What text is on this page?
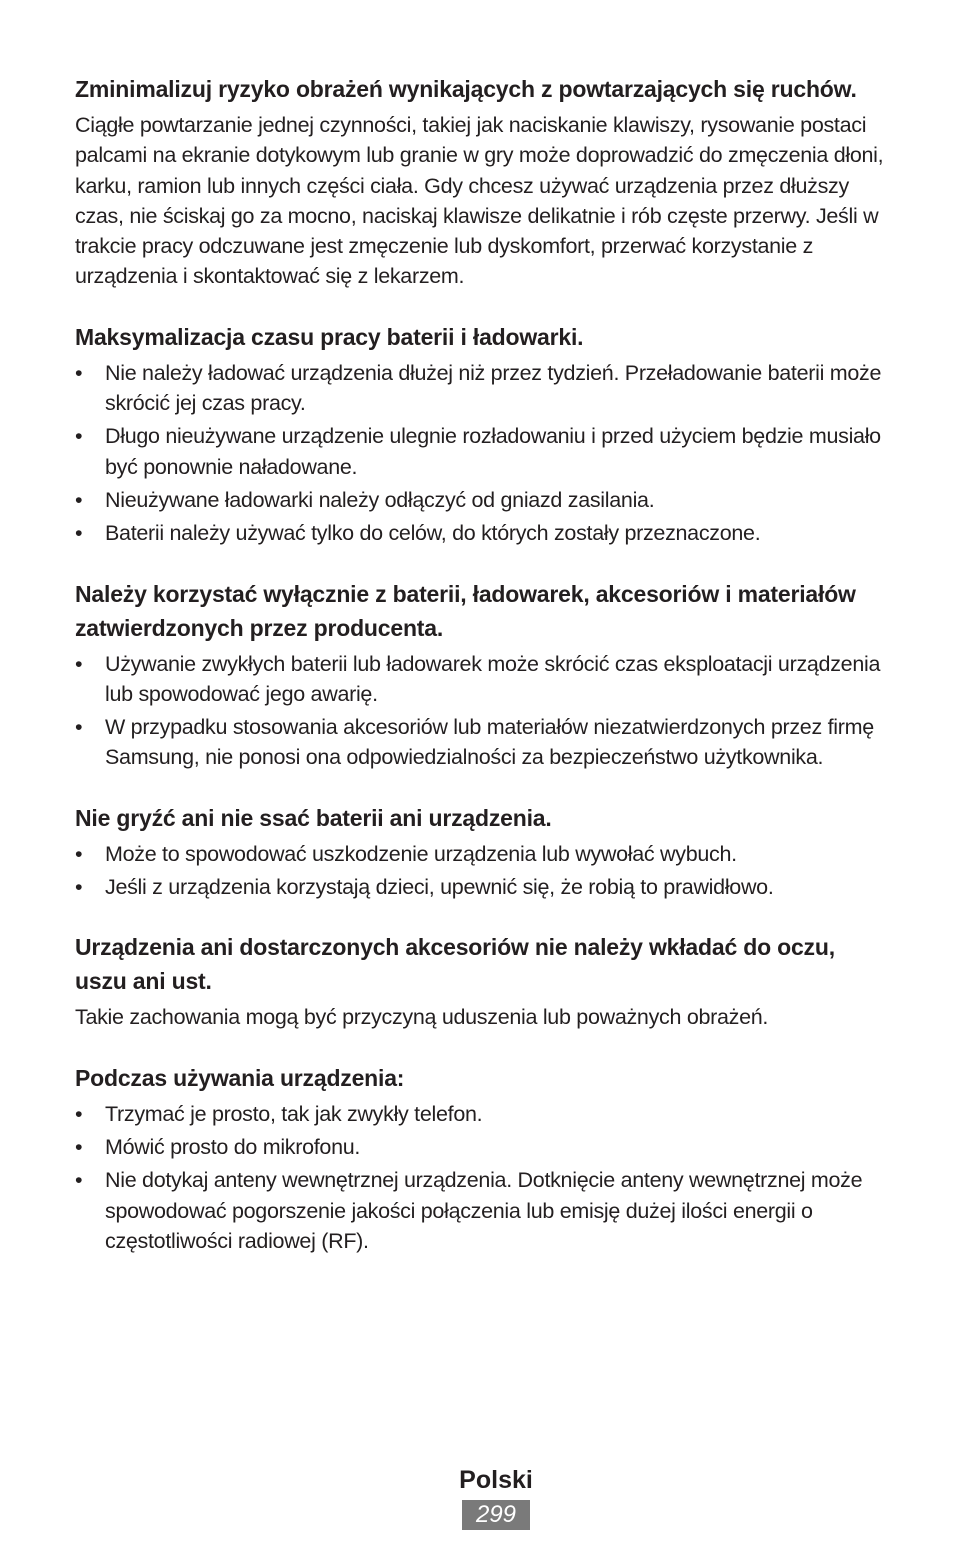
Zminimalizuj ryzyko obrażeń wynikających z powtarzających się ruchów.

Ciągłe powtarzanie jednej czynności, takiej jak naciskanie klawiszy, rysowanie postaci palcami na ekranie dotykowym lub granie w gry może doprowadzić do zmęczenia dłoni, karku, ramion lub innych części ciała. Gdy chcesz używać urządzenia przez dłuższy czas, nie ściskaj go za mocno, naciskaj klawisze delikatnie i rób częste przerwy. Jeśli w trakcie pracy odczuwane jest zmęczenie lub dyskomfort, przerwać korzystanie z urządzenia i skontaktować się z lekarzem.

Maksymalizacja czasu pracy baterii i ładowarki.
• Nie należy ładować urządzenia dłużej niż przez tydzień. Przeładowanie baterii może skrócić jej czas pracy.
• Długo nieużywane urządzenie ulegnie rozładowaniu i przed użyciem będzie musiało być ponownie naładowane.
• Nieużywane ładowarki należy odłączyć od gniazd zasilania.
• Baterii należy używać tylko do celów, do których zostały przeznaczone.
Należy korzystać wyłącznie z baterii, ładowarek, akcesoriów i materiałów zatwierdzonych przez producenta.
• Używanie zwykłych baterii lub ładowarek może skrócić czas eksploatacji urządzenia lub spowodować jego awarię.
• W przypadku stosowania akcesoriów lub materiałów niezatwierdzonych przez firmę Samsung, nie ponosi ona odpowiedzialności za bezpieczeństwo użytkownika.
Nie gryźć ani nie ssać baterii ani urządzenia.
• Może to spowodować uszkodzenie urządzenia lub wywołać wybuch.
• Jeśli z urządzenia korzystają dzieci, upewnić się, że robią to prawidłowo.
Urządzenia ani dostarczonych akcesoriów nie należy wkładać do oczu, uszu ani ust.

Takie zachowania mogą być przyczyną uduszenia lub poważnych obrażeń.

Podczas używania urządzenia:
• Trzymać je prosto, tak jak zwykły telefon.
• Mówić prosto do mikrofonu.
• Nie dotykaj anteny wewnętrznej urządzenia. Dotknięcie anteny wewnętrznej może spowodować pogorszenie jakości połączenia lub emisję dużej ilości energii o częstotliwości radiowej (RF).
Polski
299
